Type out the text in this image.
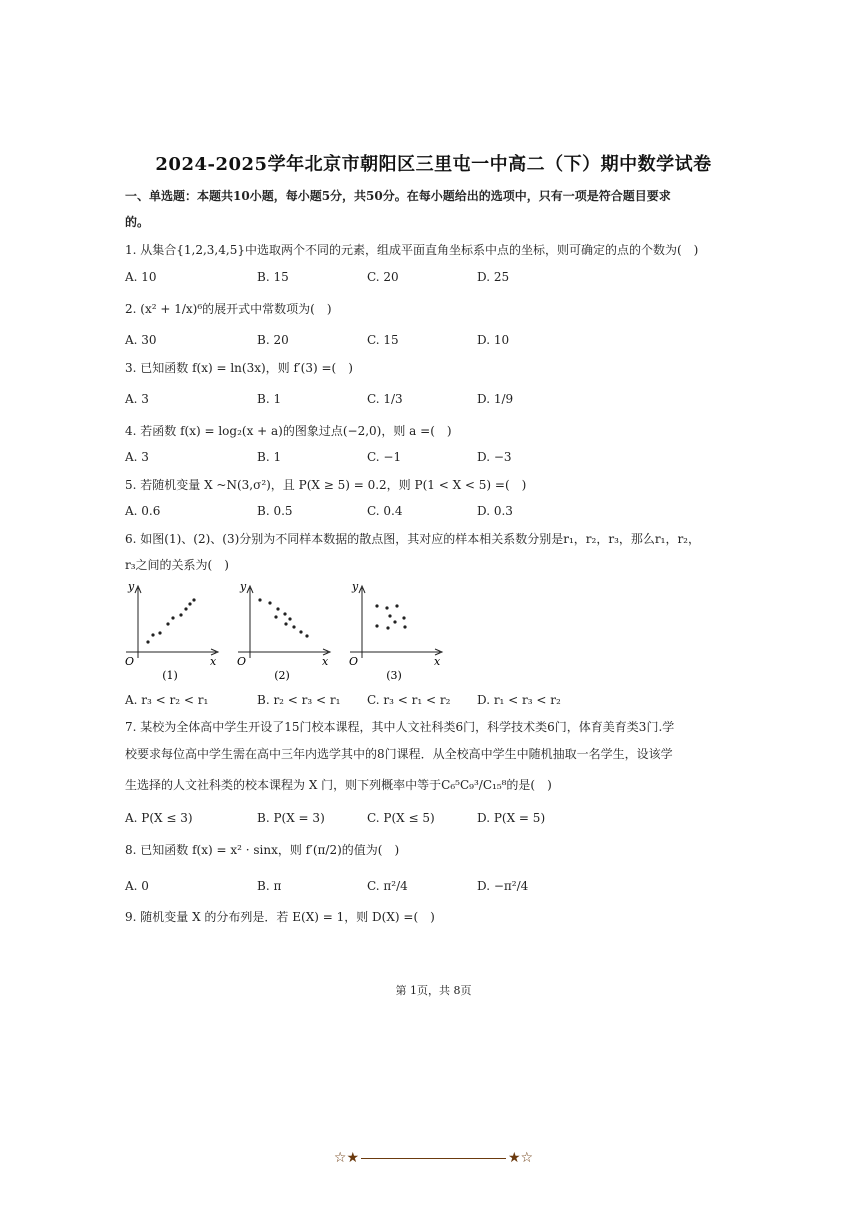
2024-2025学年北京市朝阳区三里屯一中高二（下）期中数学试卷
一、单选题：本题共10小题，每小题5分，共50分。在每小题给出的选项中，只有一项是符合题目要求
的。
1. 从集合{1,2,3,4,5}中选取两个不同的元素，组成平面直角坐标系中点的坐标，则可确定的点的个数为(　)
A. 10	B. 15	C. 20	D. 25
2. (x² + 1/x)⁶的展开式中常数项为(　)
A. 30	B. 20	C. 15	D. 10
3. 已知函数 f(x) = ln(3x)，则 f′(3) =(　)
A. 3	B. 1	C. 1/3	D. 1/9
4. 若函数 f(x) = log₂(x + a)的图象过点(−2,0)，则 a =(　)
A. 3	B. 1	C. −1	D. −3
5. 若随机变量 X ~N(3,σ²)，且 P(X ≥ 5) = 0.2，则 P(1 < X < 5) =(　)
A. 0.6	B. 0.5	C. 0.4	D. 0.3
6. 如图(1)、(2)、(3)分别为不同样本数据的散点图，其对应的样本相关系数分别是r₁，r₂，r₃，那么r₁，r₂，
r₃之间的关系为(　)
y
x
O
(1)
y
x
O
(2)
y
x
O
(3)
A. r₃ < r₂ < r₁	B. r₂ < r₃ < r₁ C. r₃ < r₁ < r₂ D. r₁ < r₃ < r₂
7. 某校为全体高中学生开设了15门校本课程，其中人文社科类6门，科学技术类6门，体育美育类3门.学
校要求每位高中学生需在高中三年内选学其中的8门课程．从全校高中学生中随机抽取一名学生，设该学
生选择的人文社科类的校本课程为 X 门，则下列概率中等于C₆⁵C₉³/C₁₅⁸的是(　)
A. P(X ≤ 3)	B. P(X = 3)	C. P(X ≤ 5)	D. P(X = 5)
8. 已知函数 f(x) = x² · sinx，则 f′(π/2)的值为(　)
A. 0	B. π	C. π²/4	D. −π²/4
9. 随机变量 X 的分布列是．若 E(X) = 1，则 D(X) =(　)
第 1页，共 8页
☆★	★☆
